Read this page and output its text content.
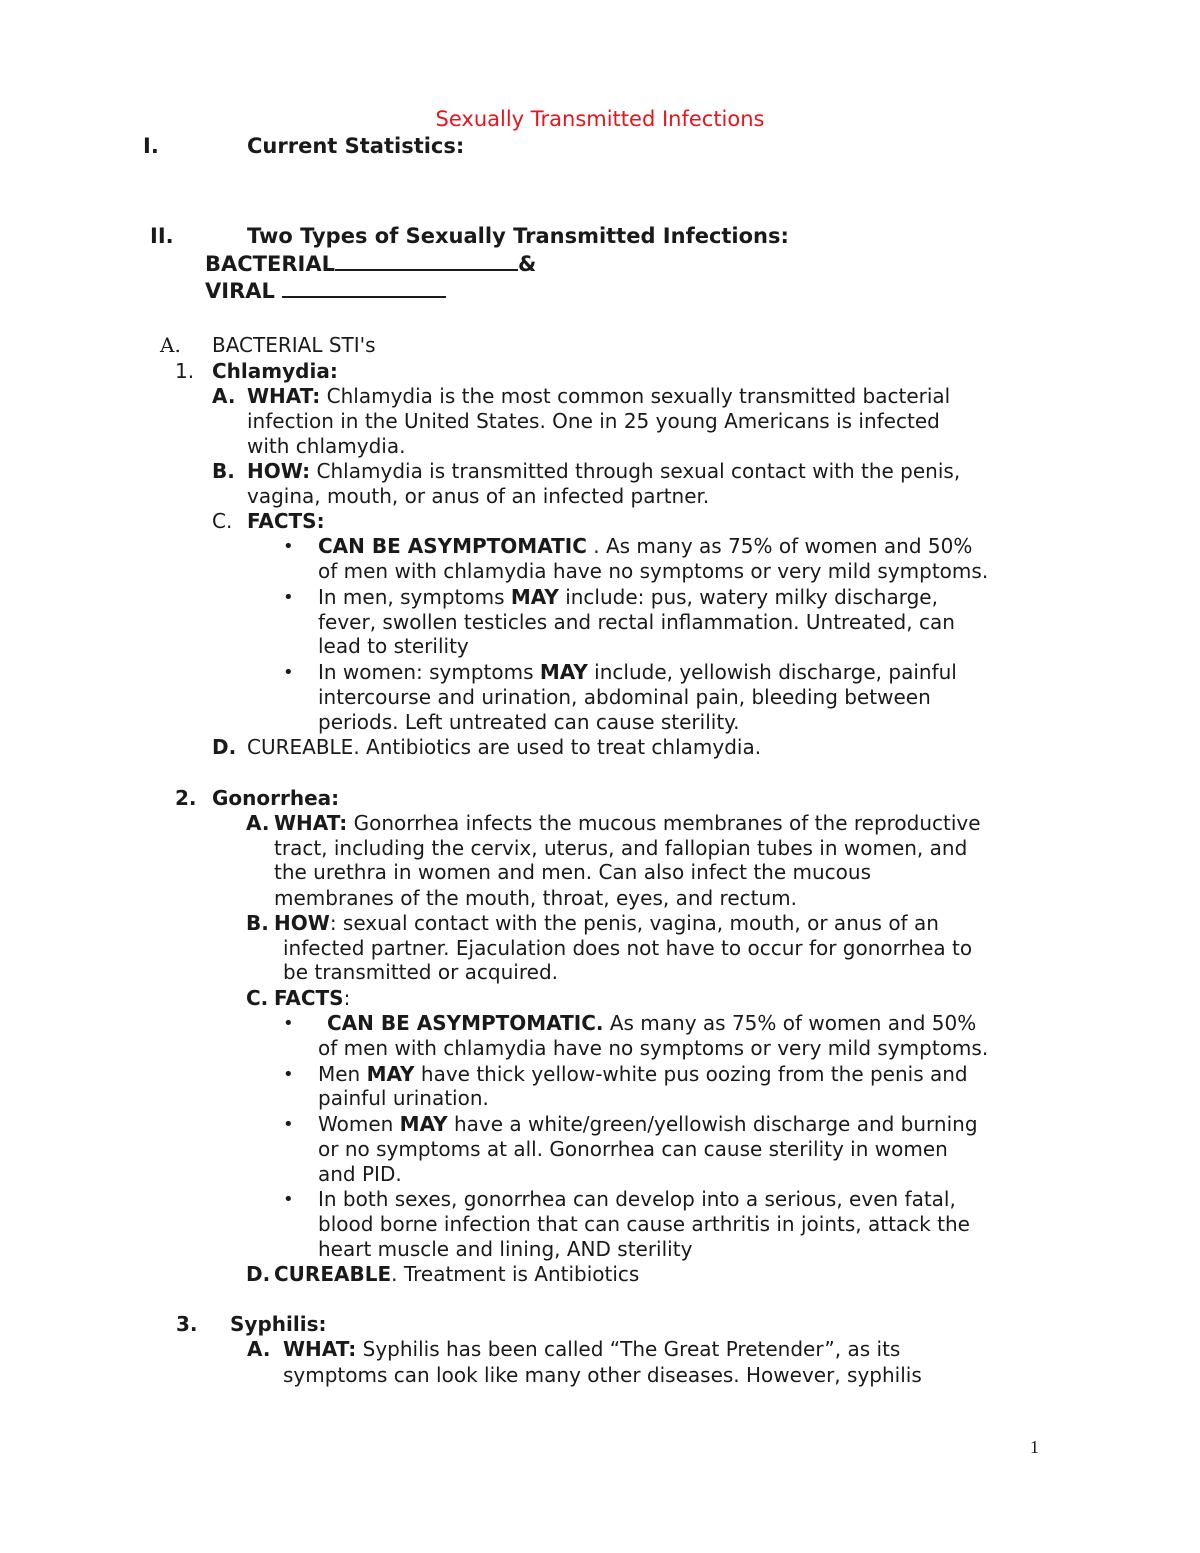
Sexually Transmitted Infections
I.	Current Statistics:
II.	Two Types of Sexually Transmitted Infections:
BACTERIAL	&
VIRAL
A. BACTERIAL STI's
1. Chlamydia:
A. WHAT: Chlamydia is the most common sexually transmitted bacterial
infection in the United States. One in 25 young Americans is infected
with chlamydia.
B. HOW: Chlamydia is transmitted through sexual contact with the penis,
vagina, mouth, or anus of an infected partner.
C. FACTS:
• CAN BE ASYMPTOMATIC . As many as 75% of women and 50%
of men with chlamydia have no symptoms or very mild symptoms.
• In men, symptoms MAY include: pus, watery milky discharge,
fever, swollen testicles and rectal inflammation. Untreated, can
lead to sterility
• In women: symptoms MAY include, yellowish discharge, painful
intercourse and urination, abdominal pain, bleeding between
periods. Left untreated can cause sterility.
D. CUREABLE. Antibiotics are used to treat chlamydia.
2. Gonorrhea:
A. WHAT: Gonorrhea infects the mucous membranes of the reproductive
tract, including the cervix, uterus, and fallopian tubes in women, and
the urethra in women and men. Can also infect the mucous
membranes of the mouth, throat, eyes, and rectum.
B. HOW: sexual contact with the penis, vagina, mouth, or anus of an
infected partner. Ejaculation does not have to occur for gonorrhea to
be transmitted or acquired.
C. FACTS:
• CAN BE ASYMPTOMATIC. As many as 75% of women and 50%
of men with chlamydia have no symptoms or very mild symptoms.
• Men MAY have thick yellow-white pus oozing from the penis and
painful urination.
• Women MAY have a white/green/yellowish discharge and burning
or no symptoms at all. Gonorrhea can cause sterility in women
and PID.
• In both sexes, gonorrhea can develop into a serious, even fatal,
blood borne infection that can cause arthritis in joints, attack the
heart muscle and lining, AND sterility
D. CUREABLE. Treatment is Antibiotics
3. Syphilis:
A. WHAT: Syphilis has been called “The Great Pretender”, as its
symptoms can look like many other diseases. However, syphilis
1
